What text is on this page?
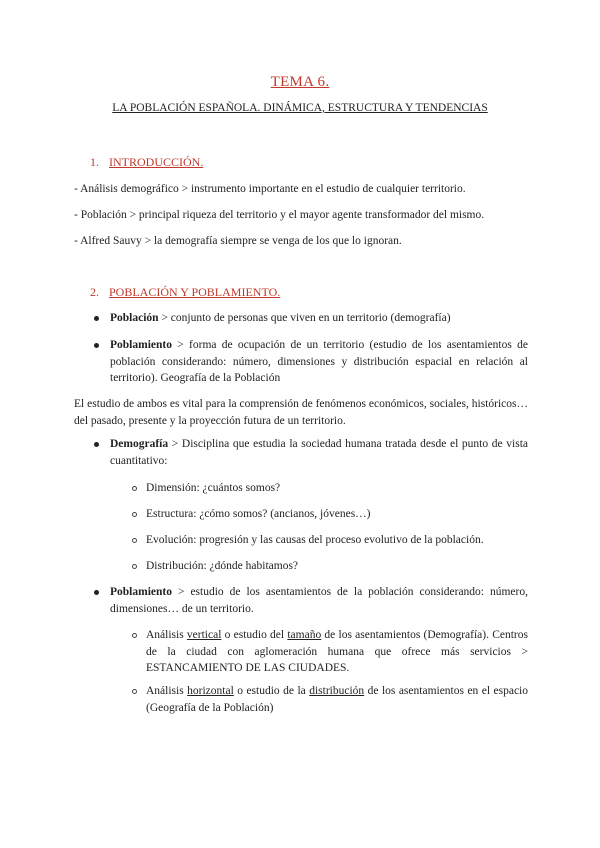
TEMA 6.
LA POBLACIÓN ESPAÑOLA. DINÁMICA, ESTRUCTURA Y TENDENCIAS
1. INTRODUCCIÓN.
- Análisis demográfico > instrumento importante en el estudio de cualquier territorio.
- Población > principal riqueza del territorio y el mayor agente transformador del mismo.
- Alfred Sauvy > la demografía siempre se venga de los que lo ignoran.
2. POBLACIÓN Y POBLAMIENTO.
Población > conjunto de personas que viven en un territorio (demografía)
Poblamiento > forma de ocupación de un territorio (estudio de los asentamientos de población considerando: número, dimensiones y distribución espacial en relación al territorio). Geografía de la Población
El estudio de ambos es vital para la comprensión de fenómenos económicos, sociales, históricos… del pasado, presente y la proyección futura de un territorio.
Demografía > Disciplina que estudia la sociedad humana tratada desde el punto de vista cuantitativo:
Dimensión: ¿cuántos somos?
Estructura: ¿cómo somos? (ancianos, jóvenes…)
Evolución: progresión y las causas del proceso evolutivo de la población.
Distribución: ¿dónde habitamos?
Poblamiento > estudio de los asentamientos de la población considerando: número, dimensiones… de un territorio.
Análisis vertical o estudio del tamaño de los asentamientos (Demografía). Centros de la ciudad con aglomeración humana que ofrece más servicios > ESTANCAMIENTO DE LAS CIUDADES.
Análisis horizontal o estudio de la distribución de los asentamientos en el espacio (Geografía de la Población)
